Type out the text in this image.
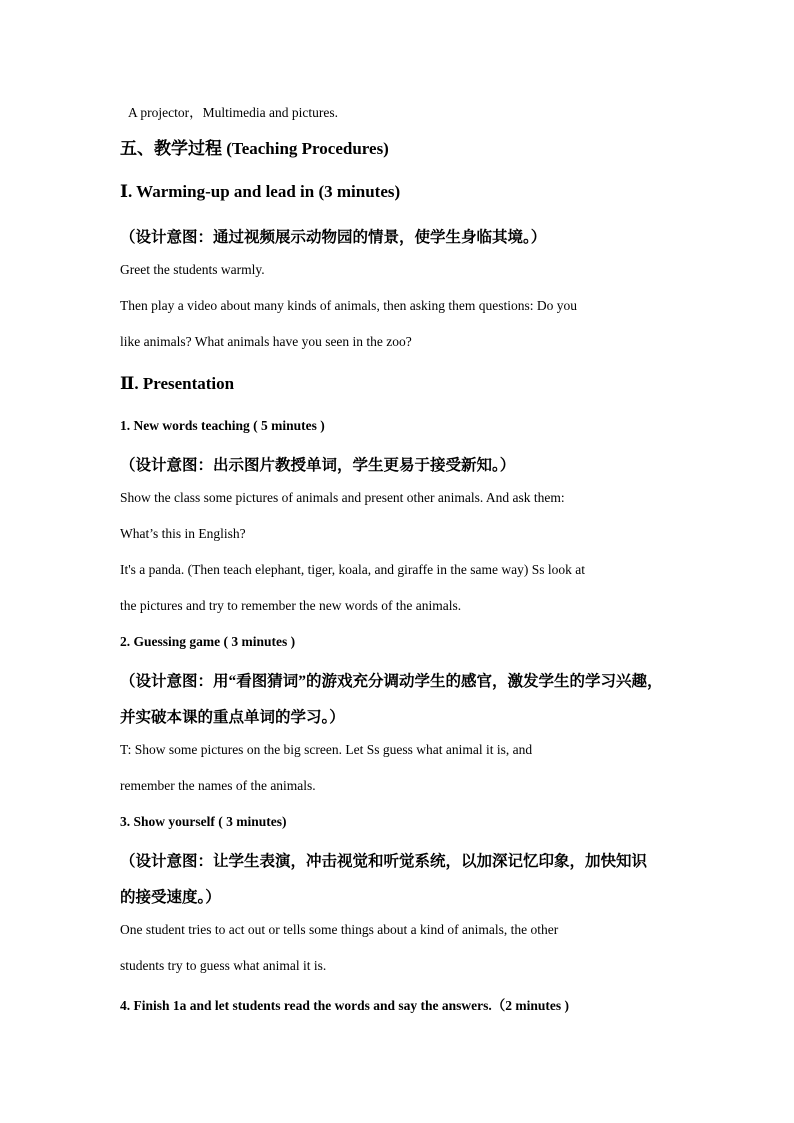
A projector，Multimedia and pictures.
五、教学过程 (Teaching Procedures)
Ⅰ. Warming-up and lead in (3 minutes)
（设计意图：通过视频展示动物园的情景，使学生身临其境。）
Greet the students warmly.
Then play a video about many kinds of animals, then asking them questions: Do you
like animals? What animals have you seen in the zoo?
Ⅱ. Presentation
1. New words teaching ( 5 minutes )
（设计意图：出示图片教授单词，学生更易于接受新知。）
Show the class some pictures of animals and present other animals. And ask them:
What’s this in English?
It's a panda. (Then teach elephant, tiger, koala, and giraffe in the same way) Ss look at
the pictures and try to remember the new words of the animals.
2. Guessing game ( 3 minutes )
（设计意图：用“看图猜词”的游戏充分调动学生的感官，激发学生的学习兴趣，
并实破本课的重点单词的学习。）
T: Show some pictures on the big screen. Let Ss guess what animal it is, and
remember the names of the animals.
3. Show yourself ( 3 minutes)
（设计意图：让学生表演，冲击视觉和听觉系统，以加深记忆印象，加快知识
的接受速度。）
One student tries to act out or tells some things about a kind of animals, the other
students try to guess what animal it is.
4. Finish 1a and let students read the words and say the answers.（2 minutes )
